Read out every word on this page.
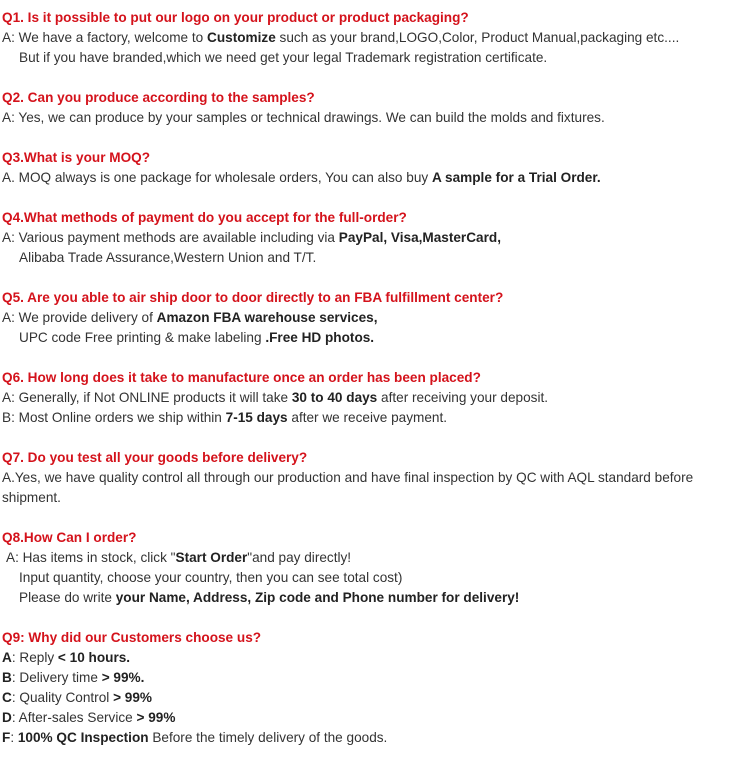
Q1. Is it possible to put our logo on your product or product packaging?
A: We have a factory, welcome to Customize such as your brand,LOGO,Color, Product Manual,packaging etc....
But if you have branded,which we need get your legal Trademark registration certificate.
Q2. Can you produce according to the samples?
A: Yes, we can produce by your samples or technical drawings. We can build the molds and fixtures.
Q3.What is your MOQ?
A. MOQ always is one package for wholesale orders, You can also buy A sample for a Trial Order.
Q4.What methods of payment do you accept for the full-order?
A: Various payment methods are available including via PayPal, Visa,MasterCard,
Alibaba Trade Assurance,Western Union and T/T.
Q5. Are you able to air ship door to door directly to an FBA fulfillment center?
A: We provide delivery of Amazon FBA warehouse services,
UPC code Free printing & make labeling .Free HD photos.
Q6. How long does it take to manufacture once an order has been placed?
A: Generally, if Not ONLINE products it will take 30 to 40 days after receiving your deposit.
B: Most Online orders we ship within 7-15 days after we receive payment.
Q7. Do you test all your goods before delivery?
A.Yes, we have quality control all through our production and have final inspection by QC with AQL standard before shipment.
Q8.How Can I order?
A: Has items in stock, click "Start Order"and pay directly!
Input quantity, choose your country, then you can see total cost)
Please do write your Name, Address, Zip code and Phone number for delivery!
Q9: Why did our Customers choose us?
A: Reply < 10 hours.
B: Delivery time > 99%.
C: Quality Control > 99%
D: After-sales Service > 99%
F: 100% QC Inspection Before the timely delivery of the goods.
